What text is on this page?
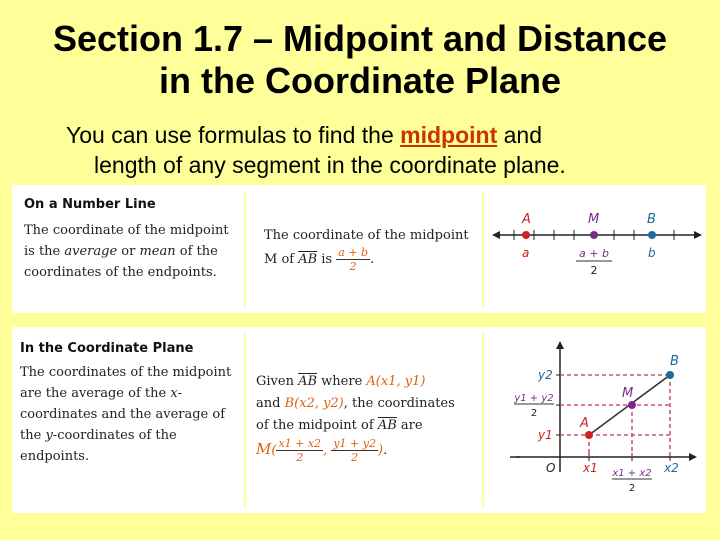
Section 1.7 – Midpoint and Distance
in the Coordinate Plane
You can use formulas to find the midpoint and
length of any segment in the coordinate plane.
On a Number Line
The coordinate of the midpoint is the average or mean of the coordinates of the endpoints.
The coordinate of the midpoint M of $\overline{AB}$ is $\frac{a + b}{2}$ .
A	M	B
a	b
a + b
2
In the Coordinate Plane
The coordinates of the midpoint are the average of the x-coordinates and the average of the y-coordinates of the endpoints.
Given $\overline{AB}$ where A(x1, y1)
and B(x2, y2), the coordinates
of the midpoint of $\overline{AB}$ are
$M( \frac{x1 + x2}{2}$ , $\frac{y1 + y2}{2}$ ).
A
M
B
y2
y1 + y2
2
y1
O x1 x1 + x2
2
x2
